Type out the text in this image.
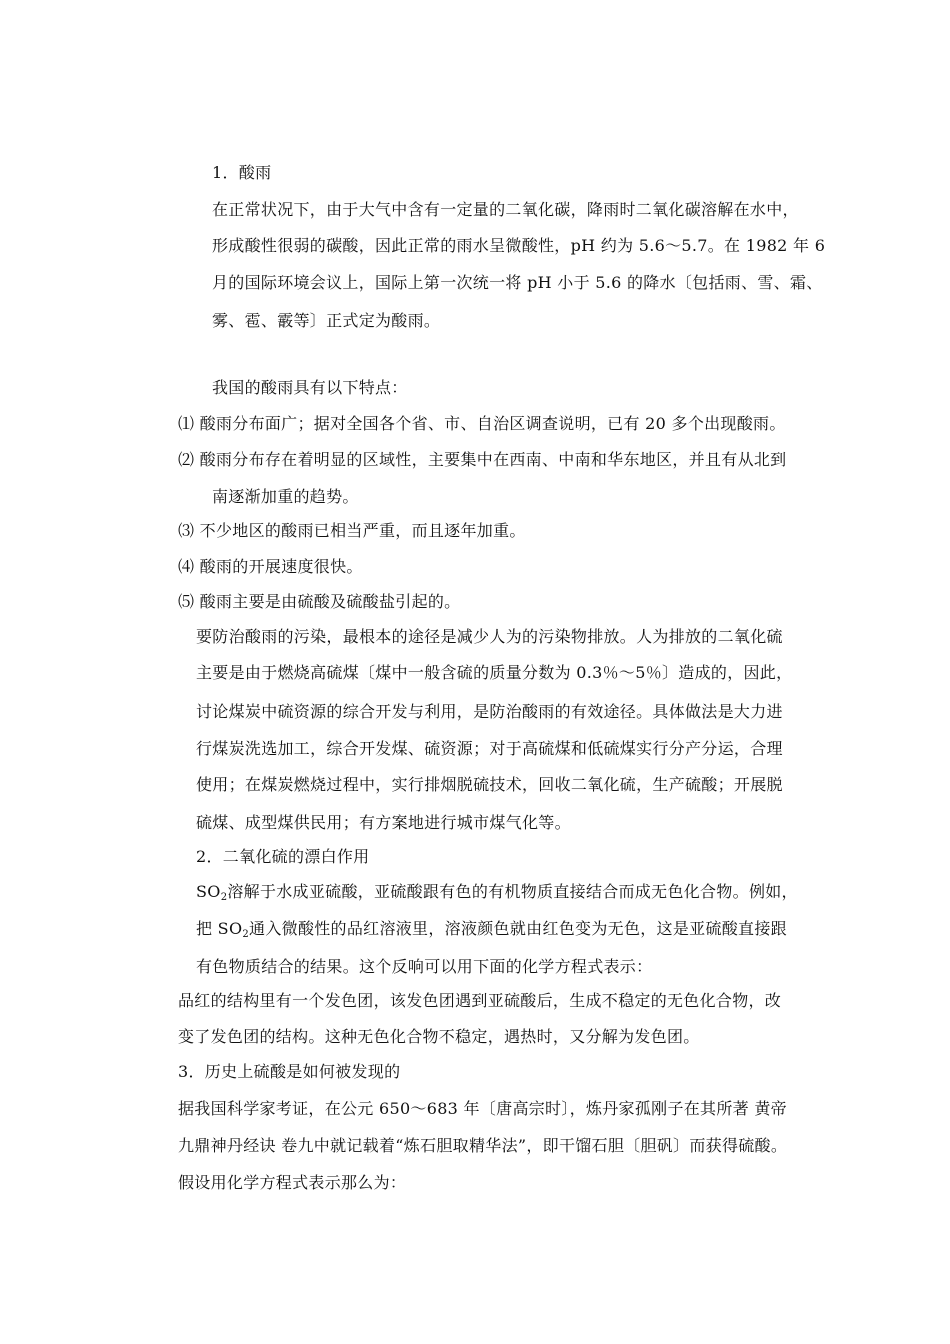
1．酸雨
在正常状况下，由于大气中含有一定量的二氧化碳，降雨时二氧化碳溶解在水中，
形成酸性很弱的碳酸，因此正常的雨水呈微酸性，pH 约为 5.6～5.7。在 1982 年 6
月的国际环境会议上，国际上第一次统一将 pH 小于 5.6 的降水〔包括雨、雪、霜、
雾、雹、霰等〕正式定为酸雨。
我国的酸雨具有以下特点：
⑴ 酸雨分布面广；据对全国各个省、市、自治区调查说明，已有 20 多个出现酸雨。
⑵ 酸雨分布存在着明显的区域性，主要集中在西南、中南和华东地区，并且有从北到
南逐渐加重的趋势。
⑶ 不少地区的酸雨已相当严重，而且逐年加重。
⑷ 酸雨的开展速度很快。
⑸ 酸雨主要是由硫酸及硫酸盐引起的。
要防治酸雨的污染，最根本的途径是减少人为的污染物排放。人为排放的二氧化硫
主要是由于燃烧高硫煤〔煤中一般含硫的质量分数为 0.3％～5％〕造成的，因此，
讨论煤炭中硫资源的综合开发与利用，是防治酸雨的有效途径。具体做法是大力进
行煤炭洗选加工，综合开发煤、硫资源；对于高硫煤和低硫煤实行分产分运，合理
使用；在煤炭燃烧过程中，实行排烟脱硫技术，回收二氧化硫，生产硫酸；开展脱
硫煤、成型煤供民用；有方案地进行城市煤气化等。
2．二氧化硫的漂白作用
$SO_2$溶解于水成亚硫酸，亚硫酸跟有色的有机物质直接结合而成无色化合物。例如，
把 $SO_2$通入微酸性的品红溶液里，溶液颜色就由红色变为无色，这是亚硫酸直接跟
有色物质结合的结果。这个反响可以用下面的化学方程式表示：
品红的结构里有一个发色团，该发色团遇到亚硫酸后，生成不稳定的无色化合物，改
变了发色团的结构。这种无色化合物不稳定，遇热时，又分解为发色团。
3．历史上硫酸是如何被发现的
据我国科学家考证，在公元 650～683 年〔唐高宗时〕，炼丹家孤刚子在其所著 黄帝
九鼎神丹经诀 卷九中就记载着“炼石胆取精华法”，即干馏石胆〔胆矾〕而获得硫酸。
假设用化学方程式表示那么为：
